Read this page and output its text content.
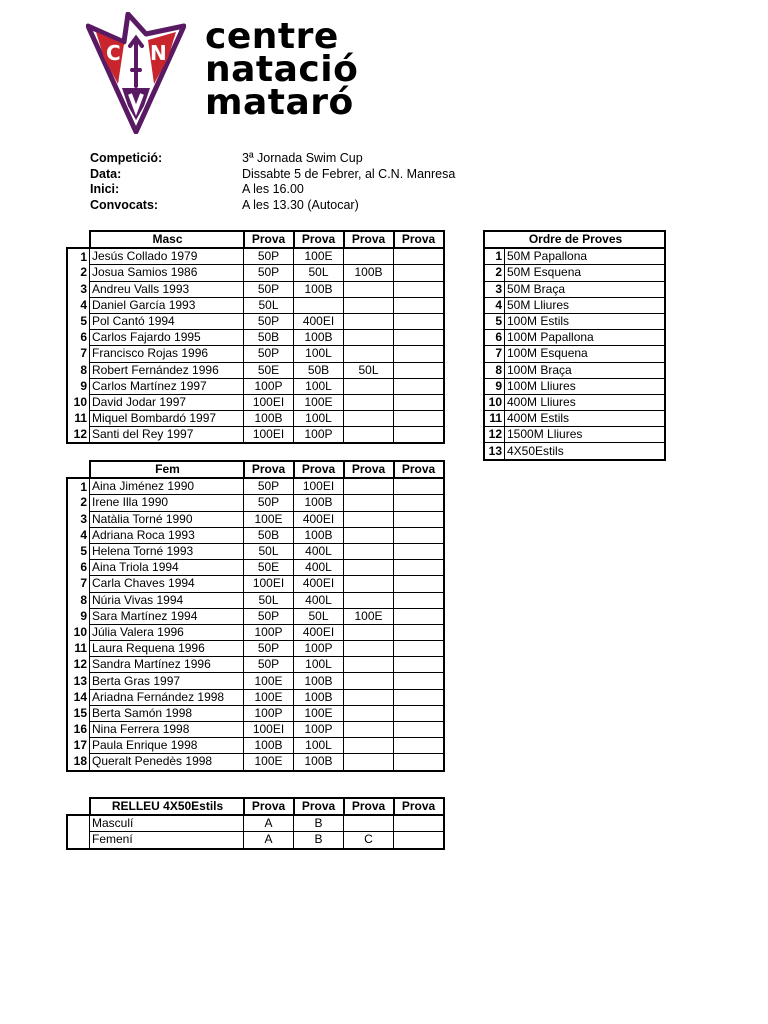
C N centre
natació
mataró
Competició:	3ª Jornada Swim Cup
Data:	Dissabte 5 de Febrer, al C.N. Manresa
Inici:	A les 16.00
Convocats:	A les 13.30 (Autocar)
	Masc	Prova	Prova	Prova	Prova
1	Jesús Collado 1979	50P	100E		
2	Josua Samios 1986	50P	50L	100B	
3	Andreu Valls 1993	50P	100B		
4	Daniel García 1993	50L			
5	Pol Cantó 1994	50P	400EI		
6	Carlos Fajardo 1995	50B	100B		
7	Francisco Rojas 1996	50P	100L		
8	Robert Fernández 1996	50E	50B	50L	
9	Carlos Martínez 1997	100P	100L		
10	David Jodar 1997	100EI	100E		
11	Miquel Bombardó 1997	100B	100L		
12	Santi del Rey 1997	100EI	100P		
	Fem	Prova	Prova	Prova	Prova
1	Aina Jiménez 1990	50P	100EI		
2	Irene Illa 1990	50P	100B		
3	Natàlia Torné 1990	100E	400EI		
4	Adriana Roca 1993	50B	100B		
5	Helena Torné 1993	50L	400L		
6	Aina Triola 1994	50E	400L		
7	Carla Chaves 1994	100EI	400EI		
8	Núria Vivas 1994	50L	400L		
9	Sara Martínez 1994	50P	50L	100E	
10	Júlia Valera 1996	100P	400EI		
11	Laura Requena 1996	50P	100P		
12	Sandra Martínez 1996	50P	100L		
13	Berta Gras 1997	100E	100B		
14	Ariadna Fernández 1998	100E	100B		
15	Berta Samón 1998	100P	100E		
16	Nina Ferrera 1998	100EI	100P		
17	Paula Enrique 1998	100B	100L		
18	Queralt Penedès 1998	100E	100B		
	RELLEU 4X50Estils	Prova	Prova	Prova	Prova
	Masculí	A	B		
	Femení	A	B	C	
Ordre de Proves	
1	50M Papallona
2	50M Esquena
3	50M Braça
4	50M Lliures
5	100M Estils
6	100M Papallona
7	100M Esquena
8	100M Braça
9	100M Lliures
10	400M Lliures
11	400M Estils
12	1500M Lliures
13	4X50Estils
